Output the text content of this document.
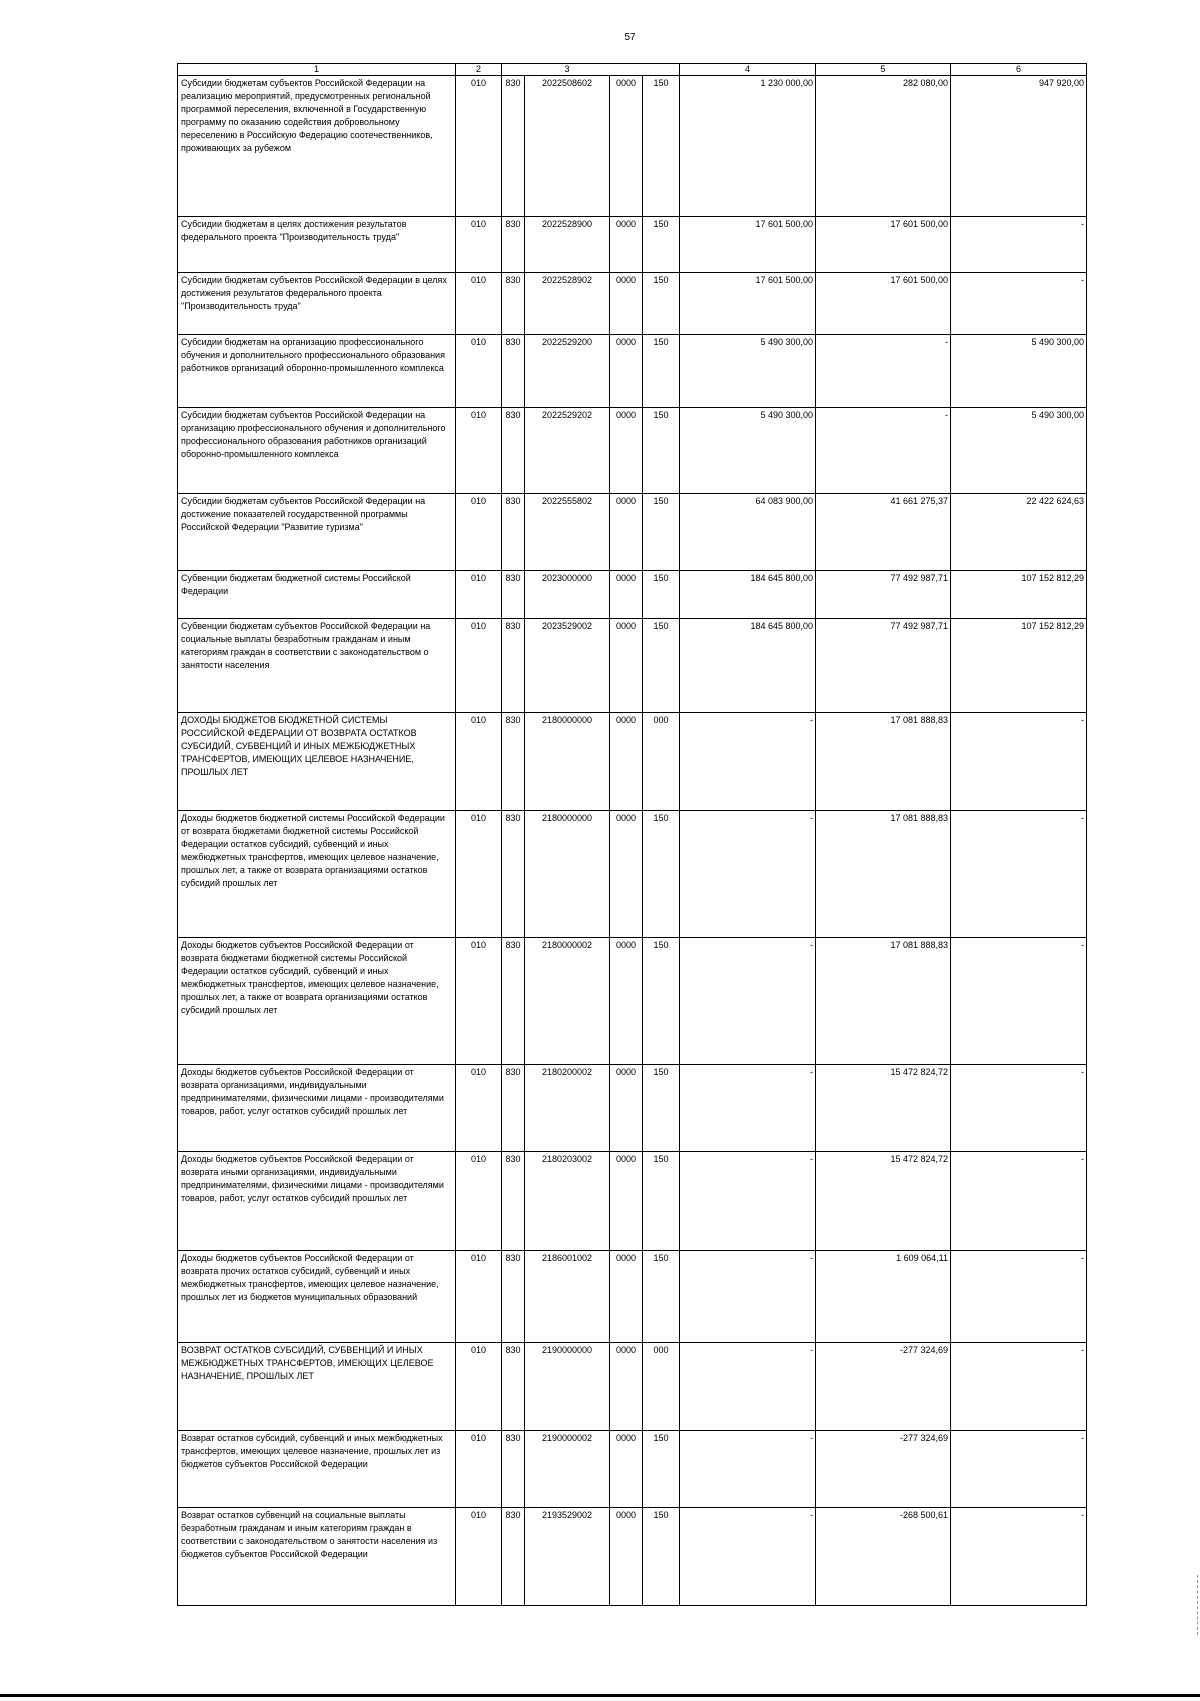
57
1	2		3			4	5	6
Субсидии бюджетам субъектов Российской Федерации на реализацию мероприятий, предусмотренных региональной программой переселения, включенной в Государственную программу по оказанию содействия добровольному переселению в Российскую Федерацию соотечественников, проживающих за рубежом	010	830	2022508602	0000	150	1 230 000,00	282 080,00	947 920,00
Субсидии бюджетам в целях достижения результатов федерального проекта "Производительность труда"	010	830	2022528900	0000	150	17 601 500,00	17 601 500,00	-
Субсидии бюджетам субъектов Российской Федерации в целях достижения результатов федерального проекта "Производительность труда"	010	830	2022528902	0000	150	17 601 500,00	17 601 500,00	-
Субсидии бюджетам на организацию профессионального обучения и дополнительного профессионального образования работников организаций оборонно-промышленного комплекса	010	830	2022529200	0000	150	5 490 300,00	-	5 490 300,00
Субсидии бюджетам субъектов Российской Федерации на организацию профессионального обучения и дополнительного профессионального образования работников организаций оборонно-промышленного комплекса	010	830	2022529202	0000	150	5 490 300,00	-	5 490 300,00
Субсидии бюджетам субъектов Российской Федерации на достижение показателей государственной программы Российской Федерации "Развитие туризма"	010	830	2022555802	0000	150	64 083 900,00	41 661 275,37	22 422 624,63
Субвенции бюджетам бюджетной системы Российской Федерации	010	830	2023000000	0000	150	184 645 800,00	77 492 987,71	107 152 812,29
Субвенции бюджетам субъектов Российской Федерации на социальные выплаты безработным гражданам и иным категориям граждан в соответствии с законодательством о занятости населения	010	830	2023529002	0000	150	184 645 800,00	77 492 987,71	107 152 812,29
ДОХОДЫ БЮДЖЕТОВ БЮДЖЕТНОЙ СИСТЕМЫ РОССИЙСКОЙ ФЕДЕРАЦИИ ОТ ВОЗВРАТА ОСТАТКОВ СУБСИДИЙ, СУБВЕНЦИЙ И ИНЫХ МЕЖБЮДЖЕТНЫХ ТРАНСФЕРТОВ, ИМЕЮЩИХ ЦЕЛЕВОЕ НАЗНАЧЕНИЕ, ПРОШЛЫХ ЛЕТ	010	830	2180000000	0000	000	-	17 081 888,83	-
Доходы бюджетов бюджетной системы Российской Федерации от возврата бюджетами бюджетной системы Российской Федерации остатков субсидий, субвенций и иных межбюджетных трансфертов, имеющих целевое назначение, прошлых лет, а также от возврата организациями остатков субсидий прошлых лет	010	830	2180000000	0000	150	-	17 081 888,83	-
Доходы бюджетов субъектов Российской Федерации от возврата бюджетами бюджетной системы Российской Федерации остатков субсидий, субвенций и иных межбюджетных трансфертов, имеющих целевое назначение, прошлых лет, а также от возврата организациями остатков субсидий прошлых лет	010	830	2180000002	0000	150	-	17 081 888,83	-
Доходы бюджетов субъектов Российской Федерации от возврата организациями, индивидуальными предпринимателями, физическими лицами - производителями товаров, работ, услуг остатков субсидий прошлых лет	010	830	2180200002	0000	150	-	15 472 824,72	-
Доходы бюджетов субъектов Российской Федерации от возврата иными организациями, индивидуальными предпринимателями, физическими лицами - производителями товаров, работ, услуг остатков субсидий прошлых лет	010	830	2180203002	0000	150	-	15 472 824,72	-
Доходы бюджетов субъектов Российской Федерации от возврата прочих остатков субсидий, субвенций и иных межбюджетных трансфертов, имеющих целевое назначение, прошлых лет из бюджетов муниципальных образований	010	830	2186001002	0000	150	-	1 609 064,11	-
ВОЗВРАТ ОСТАТКОВ СУБСИДИЙ, СУБВЕНЦИЙ И ИНЫХ МЕЖБЮДЖЕТНЫХ ТРАНСФЕРТОВ, ИМЕЮЩИХ ЦЕЛЕВОЕ НАЗНАЧЕНИЕ, ПРОШЛЫХ ЛЕТ	010	830	2190000000	0000	000	-	-277 324,69	-
Возврат остатков субсидий, субвенций и иных межбюджетных трансфертов, имеющих целевое назначение, прошлых лет из бюджетов субъектов Российской Федерации	010	830	2190000002	0000	150	-	-277 324,69	-
Возврат остатков субвенций на социальные выплаты безработным гражданам и иным категориям граждан в соответствии с законодательством о занятости населения из бюджетов субъектов Российской Федерации	010	830	2193529002	0000	150	-	-268 500,61	-
